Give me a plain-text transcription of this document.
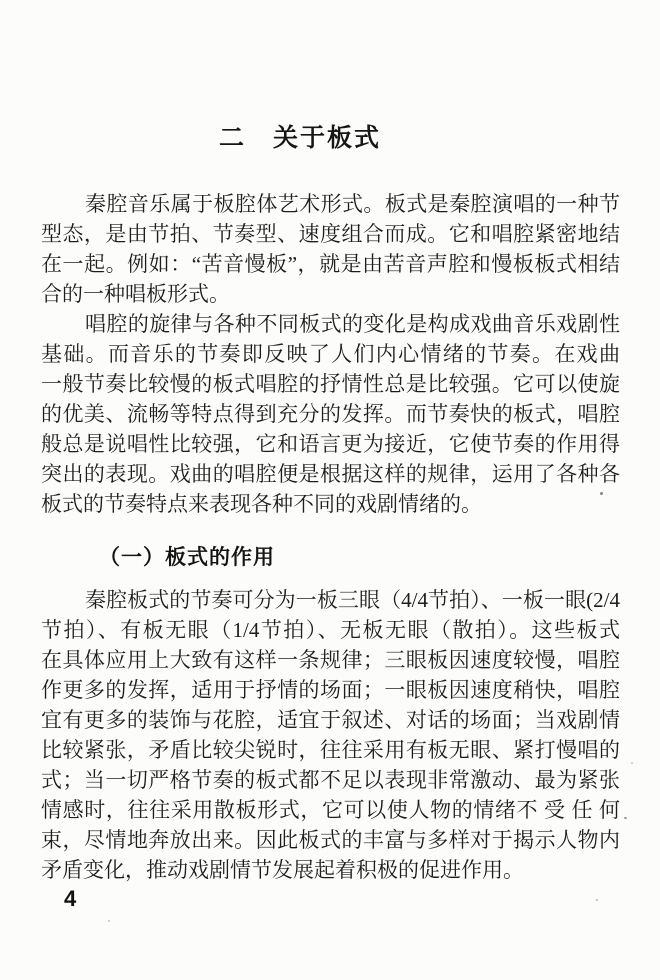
二　关于板式
秦腔音乐属于板腔体艺术形式。板式是秦腔演唱的一种节
型态，是由节拍、节奏型、速度组合而成。它和唱腔紧密地结
在一起。例如：“苦音慢板”，就是由苦音声腔和慢板板式相结
合的一种唱板形式。
唱腔的旋律与各种不同板式的变化是构成戏曲音乐戏剧性
基础。而音乐的节奏即反映了人们内心情绪的节奏。在戏曲
一般节奏比较慢的板式唱腔的抒情性总是比较强。它可以使旋
的优美、流畅等特点得到充分的发挥。而节奏快的板式，唱腔
般总是说唱性比较强，它和语言更为接近，它使节奏的作用得
突出的表现。戏曲的唱腔便是根据这样的规律，运用了各种各
板式的节奏特点来表现各种不同的戏剧情绪的。
（一）板式的作用
秦腔板式的节奏可分为一板三眼（4/4节拍）、一板一眼(2/4
节拍）、有板无眼（1/4节拍）、无板无眼（散拍）。这些板式
在具体应用上大致有这样一条规律；三眼板因速度较慢，唱腔
作更多的发挥，适用于抒情的场面；一眼板因速度稍快，唱腔
宜有更多的装饰与花腔，适宜于叙述、对话的场面；当戏剧情
比较紧张，矛盾比较尖锐时，往往采用有板无眼、紧打慢唱的
式；当一切严格节奏的板式都不足以表现非常激动、最为紧张
情感时，往往采用散板形式，它可以使人物的情绪不 受 任 何
束，尽情地奔放出来。因此板式的丰富与多样对于揭示人物内
矛盾变化，推动戏剧情节发展起着积极的促进作用。
4
